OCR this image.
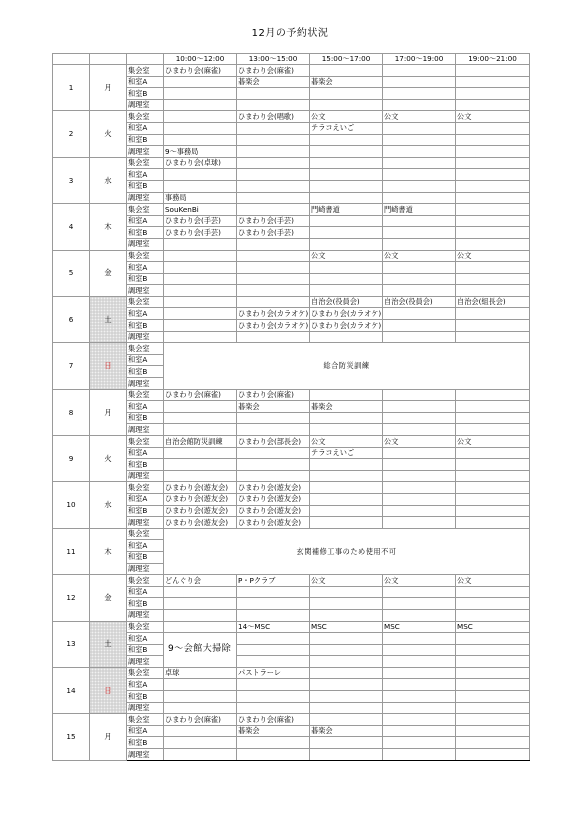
12月の予約状況
			10:00～12:00	13:00～15:00	15:00～17:00	17:00～19:00	19:00～21:00
1	月	集会室	ひまわり会(麻雀)	ひまわり会(麻雀)			
		和室A		碁楽会	碁楽会		
		和室B					
		調理室					
2	火	集会室		ひまわり会(唱歌)	公文	公文	公文
		和室A			テラコえいご		
		和室B					
		調理室	9～事務局				
3	水	集会室	ひまわり会(卓球)				
		和室A					
		和室B					
		調理室	事務局				
4	木	集会室	SouKenBi		門崎書道	門崎書道	
		和室A	ひまわり会(手芸)	ひまわり会(手芸)			
		和室B	ひまわり会(手芸)	ひまわり会(手芸)			
		調理室					
5	金	集会室			公文	公文	公文
		和室A					
		和室B					
		調理室					
6	土	集会室			自治会(役員会)	自治会(役員会)	自治会(組長会)
		和室A		ひまわり会(カラオケ)	ひまわり会(カラオケ)		
		和室B		ひまわり会(カラオケ)	ひまわり会(カラオケ)		
		調理室					
7	日	集会室	総合防災訓練				
		和室A					
		和室B					
		調理室					
8	月	集会室	ひまわり会(麻雀)	ひまわり会(麻雀)			
		和室A		碁楽会	碁楽会		
		和室B					
		調理室					
9	火	集会室	自治会館防災訓練	ひまわり会(部長会)	公文	公文	公文
		和室A			テラコえいご		
		和室B					
		調理室					
10	水	集会室	ひまわり会(遊友会)	ひまわり会(遊友会)			
		和室A	ひまわり会(遊友会)	ひまわり会(遊友会)			
		和室B	ひまわり会(遊友会)	ひまわり会(遊友会)			
		調理室	ひまわり会(遊友会)	ひまわり会(遊友会)			
11	木	集会室	玄関補修工事のため使用不可				
		和室A					
		和室B					
		調理室					
12	金	集会室	どんぐり会	P・Pクラブ	公文	公文	公文
		和室A					
		和室B					
		調理室					
13	土	集会室		14～MSC	MSC	MSC	MSC
		和室A	9～会館大掃除				
		和室B					
		調理室					
14	日	集会室	卓球	パストラーレ			
		和室A					
		和室B					
		調理室					
15	月	集会室	ひまわり会(麻雀)	ひまわり会(麻雀)			
		和室A		碁楽会	碁楽会		
		和室B					
		調理室					
